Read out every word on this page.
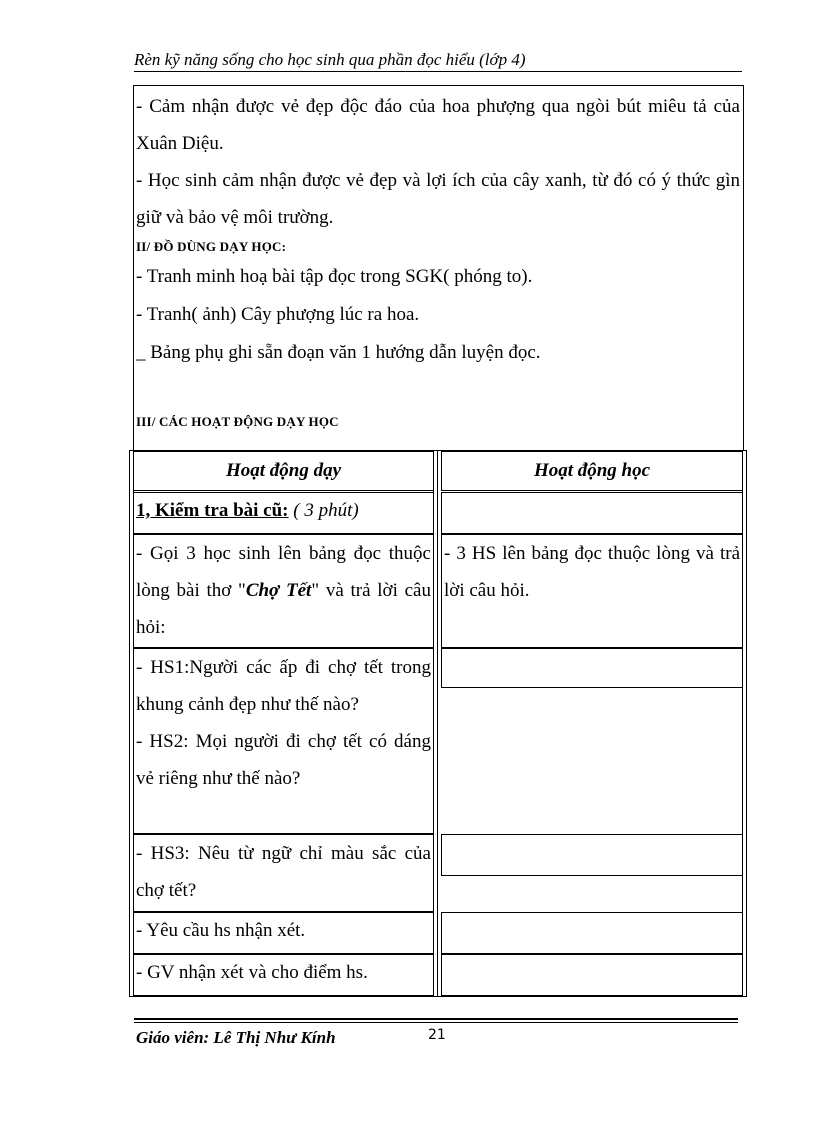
Rèn kỹ năng sống cho học sinh qua phần đọc hiểu (lớp 4)
- Cảm nhận được vẻ đẹp độc đáo của hoa phượng qua ngòi bút miêu tả của Xuân Diệu.
- Học sinh cảm nhận được vẻ đẹp và lợi ích của cây xanh, từ đó có ý thức gìn giữ và bảo vệ môi trường.
II/ ĐỒ DÙNG DẠY HỌC:
- Tranh minh hoạ bài tập đọc trong SGK( phóng to).
- Tranh( ảnh) Cây phượng lúc ra hoa.
_ Bảng phụ ghi sẵn đoạn văn 1 hướng dẫn luyện đọc.
III/ CÁC HOẠT ĐỘNG DẠY HỌC
Hoạt động dạy	Hoạt động học
1, Kiểm tra bài cũ: ( 3 phút)
- Gọi 3 học sinh lên bảng đọc thuộc lòng bài thơ "Chợ Tết" và trả lời câu hỏi:
- 3 HS lên bảng đọc thuộc lòng và trả lời câu hỏi.
- HS1:Người các ấp đi chợ tết trong khung cảnh đẹp như thế nào?
- HS2: Mọi người đi chợ tết có dáng vẻ riêng như thế nào?
- HS3: Nêu từ ngữ chỉ màu sắc của chợ tết?
- Yêu cầu hs nhận xét.
- GV nhận xét và cho điểm hs.
Giáo viên: Lê Thị Như Kính	21
